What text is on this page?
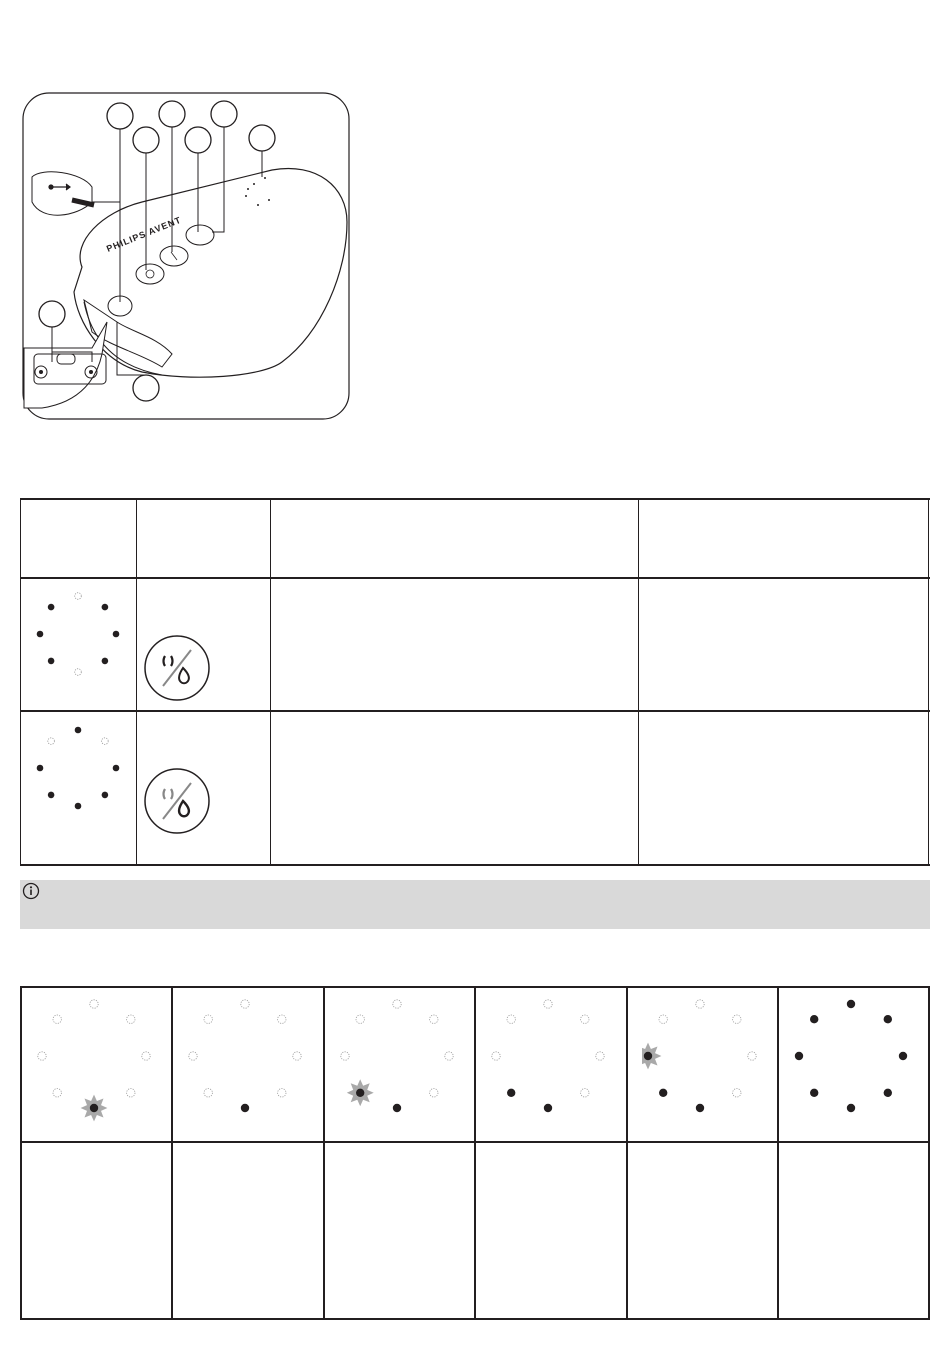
PHILIPS AVENT
